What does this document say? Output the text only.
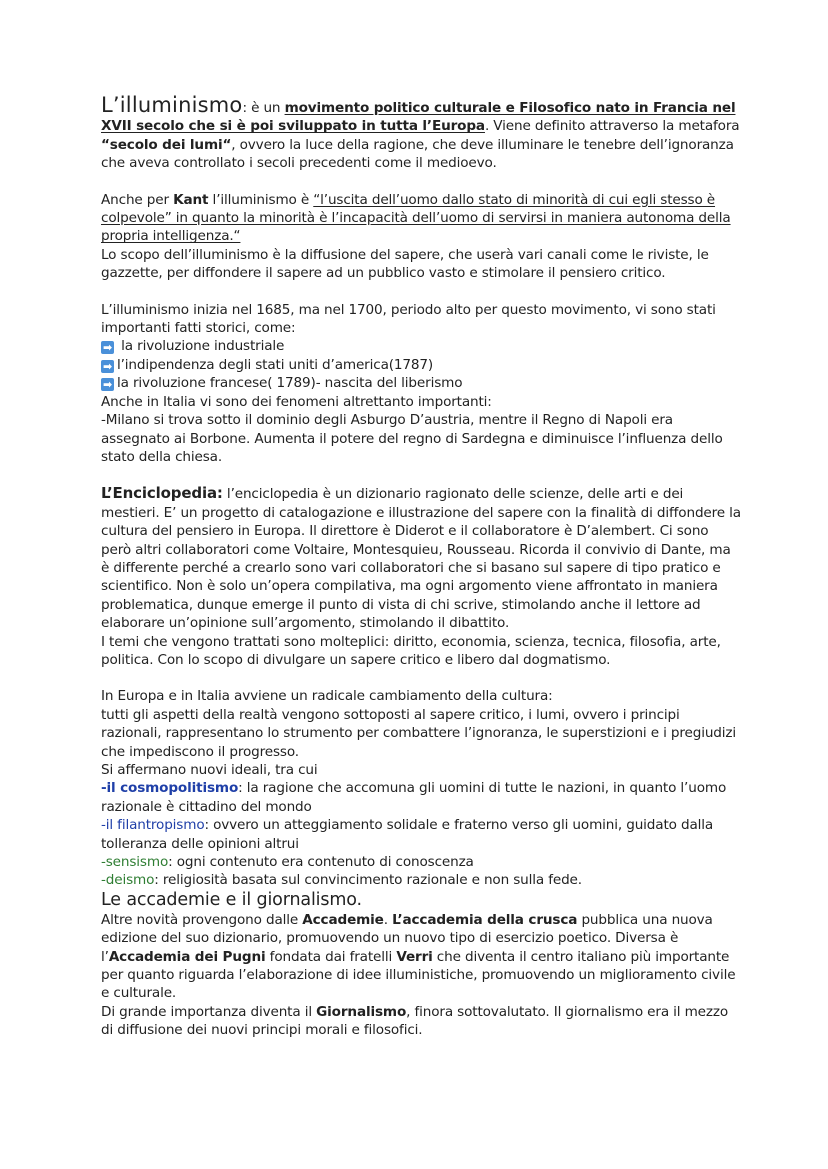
L’illuminismo: è un movimento politico culturale e Filosofico nato in Francia nel XVII secolo che si è poi sviluppato in tutta l’Europa. Viene definito attraverso la metafora “secolo dei lumi“, ovvero la luce della ragione, che deve illuminare le tenebre dell’ignoranza che aveva controllato i secoli precedenti come il medioevo.

Anche per Kant l’illuminismo è “l’uscita dell’uomo dallo stato di minorità di cui egli stesso è colpevole” in quanto la minorità è l’incapacità dell’uomo di servirsi in maniera autonoma della propria intelligenza.“

Lo scopo dell’illuminismo è la diffusione del sapere, che userà vari canali come le riviste, le gazzette, per diffondere il sapere ad un pubblico vasto e stimolare il pensiero critico.

L’illuminismo inizia nel 1685, ma nel 1700, periodo alto per questo movimento, vi sono stati importanti fatti storici, come:

➡ la rivoluzione industriale

➡ l’indipendenza degli stati uniti d’america(1787)

➡ la rivoluzione francese( 1789)- nascita del liberismo

Anche in Italia vi sono dei fenomeni altrettanto importanti:

-Milano si trova sotto il dominio degli Asburgo D’austria, mentre il Regno di Napoli era assegnato ai Borbone. Aumenta il potere del regno di Sardegna e diminuisce l’influenza dello stato della chiesa.

L’Enciclopedia: l’enciclopedia è un dizionario ragionato delle scienze, delle arti e dei mestieri. E’ un progetto di catalogazione e illustrazione del sapere con la finalità di diffondere la cultura del pensiero in Europa. Il direttore è Diderot e il collaboratore è D’alembert. Ci sono però altri collaboratori come Voltaire, Montesquieu, Rousseau. Ricorda il convivio di Dante, ma è differente perché a crearlo sono vari collaboratori che si basano sul sapere di tipo pratico e scientifico. Non è solo un’opera compilativa, ma ogni argomento viene affrontato in maniera problematica, dunque emerge il punto di vista di chi scrive, stimolando anche il lettore ad elaborare un’opinione sull’argomento, stimolando il dibattito.

I temi che vengono trattati sono molteplici: diritto, economia, scienza, tecnica, filosofia, arte, politica. Con lo scopo di divulgare un sapere critico e libero dal dogmatismo.

In Europa e in Italia avviene un radicale cambiamento della cultura:

tutti gli aspetti della realtà vengono sottoposti al sapere critico, i lumi, ovvero i principi razionali, rappresentano lo strumento per combattere l’ignoranza, le superstizioni e i pregiudizi che impediscono il progresso.

Si affermano nuovi ideali, tra cui

-il cosmopolitismo: la ragione che accomuna gli uomini di tutte le nazioni, in quanto l’uomo razionale è cittadino del mondo

-il filantropismo: ovvero un atteggiamento solidale e fraterno verso gli uomini, guidato dalla tolleranza delle opinioni altrui

-sensismo: ogni contenuto era contenuto di conoscenza

-deismo: religiosità basata sul convincimento razionale e non sulla fede.

Le accademie e il giornalismo.

Altre novità provengono dalle Accademie. L’accademia della crusca pubblica una nuova edizione del suo dizionario, promuovendo un nuovo tipo di esercizio poetico. Diversa è l’Accademia dei Pugni fondata dai fratelli Verri che diventa il centro italiano più importante per quanto riguarda l’elaborazione di idee illuministiche, promuovendo un miglioramento civile e culturale.

Di grande importanza diventa il Giornalismo, finora sottovalutato. Il giornalismo era il mezzo di diffusione dei nuovi principi morali e filosofici.
